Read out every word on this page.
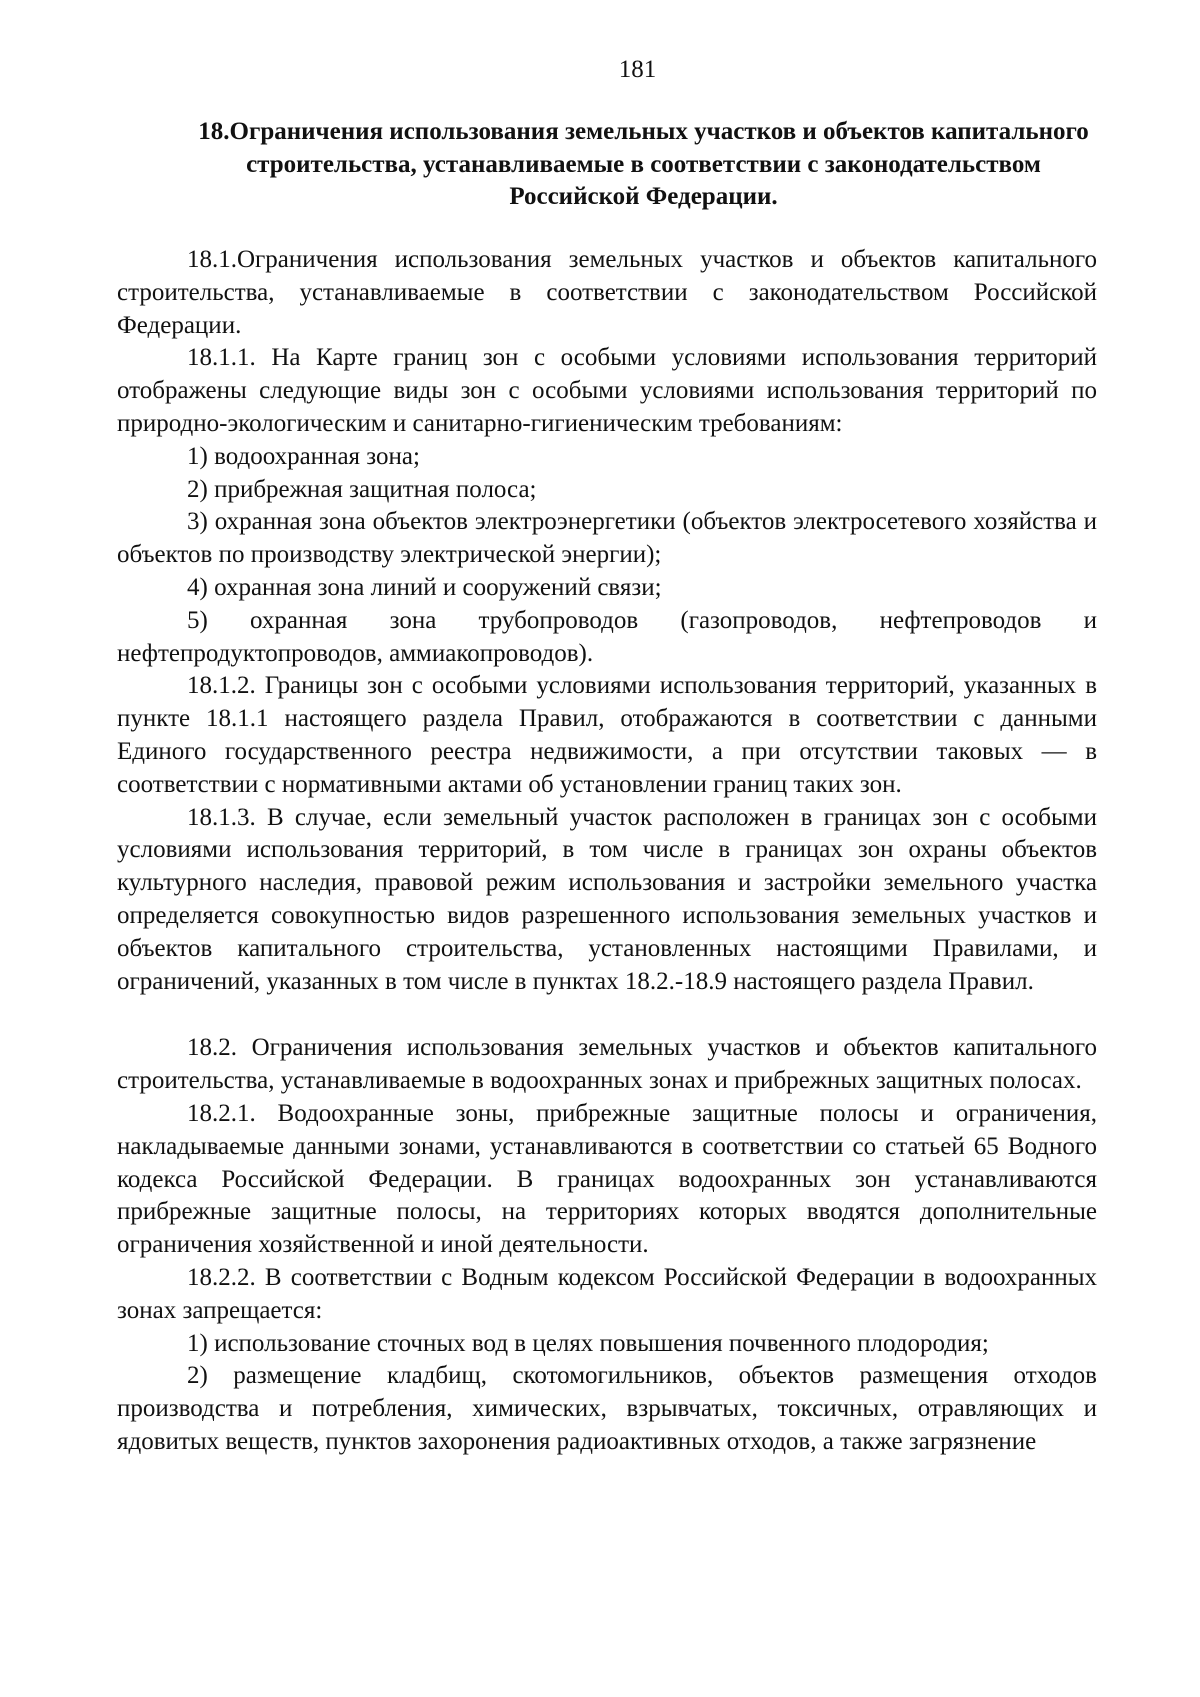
181
18.Ограничения использования земельных участков и объектов капитального строительства, устанавливаемые в соответствии с законодательством Российской Федерации.

18.1.Ограничения использования земельных участков и объектов капитального строительства, устанавливаемые в соответствии с законодательством Российской Федерации.

18.1.1. На Карте границ зон с особыми условиями использования территорий отображены следующие виды зон с особыми условиями использования территорий по природно-экологическим и санитарно-гигиеническим требованиям:

1) водоохранная зона;

2) прибрежная защитная полоса;

3) охранная зона объектов электроэнергетики (объектов электросетевого хозяйства и объектов по производству электрической энергии);

4) охранная зона линий и сооружений связи;

5) охранная зона трубопроводов (газопроводов, нефтепроводов и нефтепродуктопроводов, аммиакопроводов).

18.1.2. Границы зон с особыми условиями использования территорий, указанных в пункте 18.1.1 настоящего раздела Правил, отображаются в соответствии с данными Единого государственного реестра недвижимости, а при отсутствии таковых — в соответствии с нормативными актами об установлении границ таких зон.

18.1.3. В случае, если земельный участок расположен в границах зон с особыми условиями использования территорий, в том числе в границах зон охраны объектов культурного наследия, правовой режим использования и застройки земельного участка определяется совокупностью видов разрешенного использования земельных участков и объектов капитального строительства, установленных настоящими Правилами, и ограничений, указанных в том числе в пунктах 18.2.-18.9 настоящего раздела Правил.

18.2. Ограничения использования земельных участков и объектов капитального строительства, устанавливаемые в водоохранных зонах и прибрежных защитных полосах.

18.2.1. Водоохранные зоны, прибрежные защитные полосы и ограничения, накладываемые данными зонами, устанавливаются в соответствии со статьей 65 Водного кодекса Российской Федерации. В границах водоохранных зон устанавливаются прибрежные защитные полосы, на территориях которых вводятся дополнительные ограничения хозяйственной и иной деятельности.

18.2.2. В соответствии с Водным кодексом Российской Федерации в водоохранных зонах запрещается:

1) использование сточных вод в целях повышения почвенного плодородия;

2) размещение кладбищ, скотомогильников, объектов размещения отходов производства и потребления, химических, взрывчатых, токсичных, отравляющих и ядовитых веществ, пунктов захоронения радиоактивных отходов, а также загрязнение
